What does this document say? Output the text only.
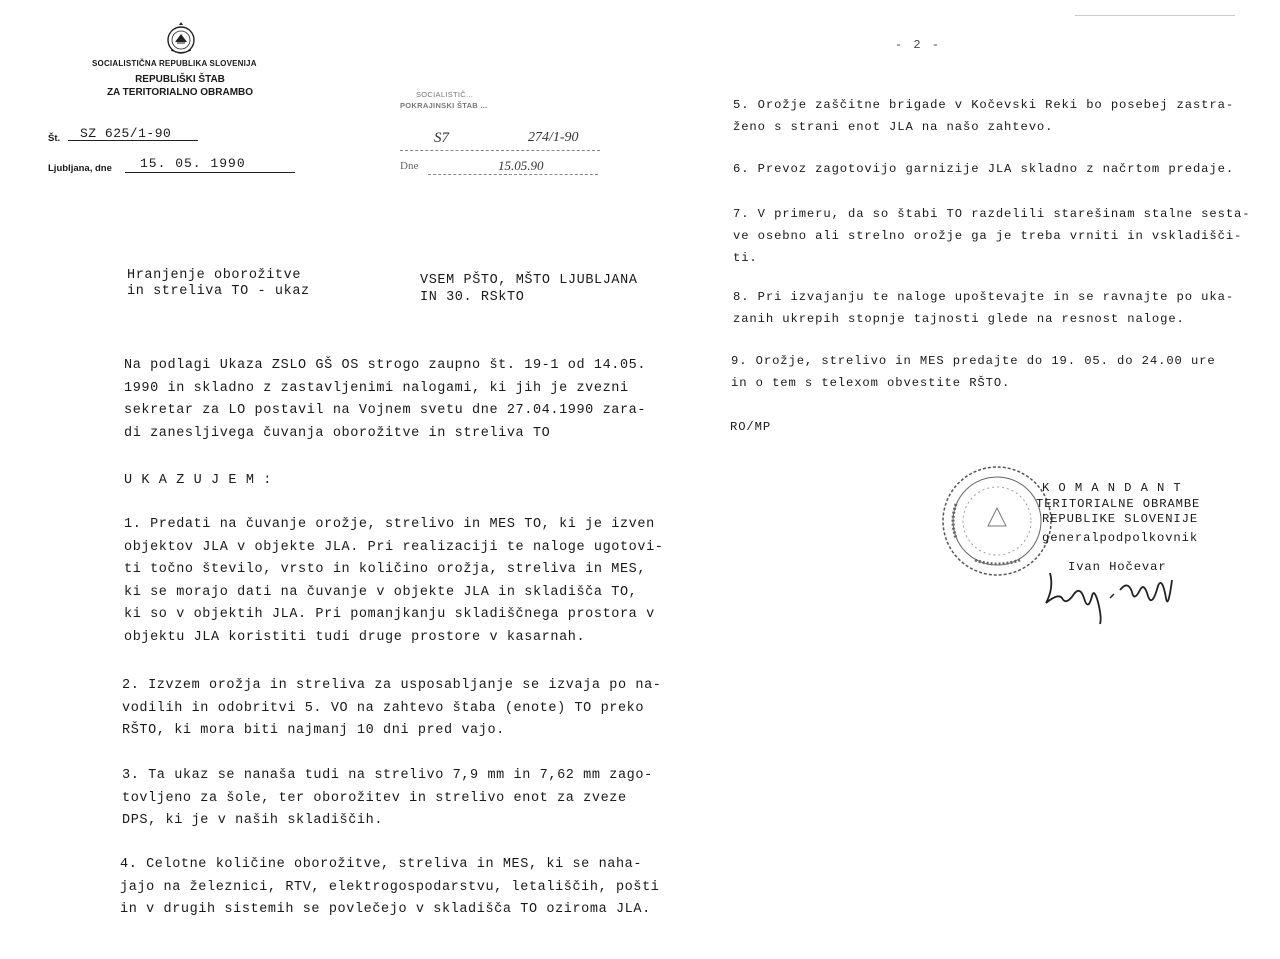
SOCIALISTIČNA REPUBLIKA SLOVENIJA
REPUBLIŠKI ŠTAB
ZA TERITORIALNO OBRAMBO
Št. SZ 625/1-90
Ljubljana, dne 15. 05. 1990
SOCIALISTIČ...
POKRAJINSKI ŠTAB ...
S7	274/1-90
Dne	15.05.90
- 2 -
Hranjenje oborožitve
in streliva TO - ukaz
VSEM PŠTO, MŠTO LJUBLJANA
IN 30. RSkTO
Na podlagi Ukaza ZSLO GŠ OS strogo zaupno št. 19-1 od 14.05.
1990 in skladno z zastavljenimi nalogami, ki jih je zvezni
sekretar za LO postavil na Vojnem svetu dne 27.04.1990 zara-
di zanesljivega čuvanja oborožitve in streliva TO
U K A Z U J E M :
1. Predati na čuvanje orožje, strelivo in MES TO, ki je izven
objektov JLA v objekte JLA. Pri realizaciji te naloge ugotovi-
ti točno število, vrsto in količino orožja, streliva in MES,
ki se morajo dati na čuvanje v objekte JLA in skladišča TO,
ki so v objektih JLA. Pri pomanjkanju skladiščnega prostora v
objektu JLA koristiti tudi druge prostore v kasarnah.
2. Izvzem orožja in streliva za usposabljanje se izvaja po na-
vodilih in odobritvi 5. VO na zahtevo štaba (enote) TO preko
RŠTO, ki mora biti najmanj 10 dni pred vajo.
3. Ta ukaz se nanaša tudi na strelivo 7,9 mm in 7,62 mm zago-
tovljeno za šole, ter oborožitev in strelivo enot za zveze
DPS, ki je v naših skladiščih.
4. Celotne količine oborožitve, streliva in MES, ki se naha-
jajo na železnici, RTV, elektrogospodarstvu, letališčih, pošti
in v drugih sistemih se povlečejo v skladišča TO oziroma JLA.
5. Orožje zaščitne brigade v Kočevski Reki bo posebej zastra-
ženo s strani enot JLA na našo zahtevo.
6. Prevoz zagotovijo garnizije JLA skladno z načrtom predaje.
7. V primeru, da so štabi TO razdelili starešinam stalne sesta-
ve osebno ali strelno orožje ga je treba vrniti in vskladišči-
ti.
8. Pri izvajanju te naloge upoštevajte in se ravnajte po uka-
zanih ukrepih stopnje tajnosti glede na resnost naloge.
9. Orožje, strelivo in MES predajte do 19. 05. do 24.00 ure
in o tem s telexom obvestite RŠTO.
RO/MP
K O M A N D A N T
TERITORIALNE OBRAMBE
REPUBLIKE SLOVENIJE
generalpodpolkovnik
Ivan Hočevar
